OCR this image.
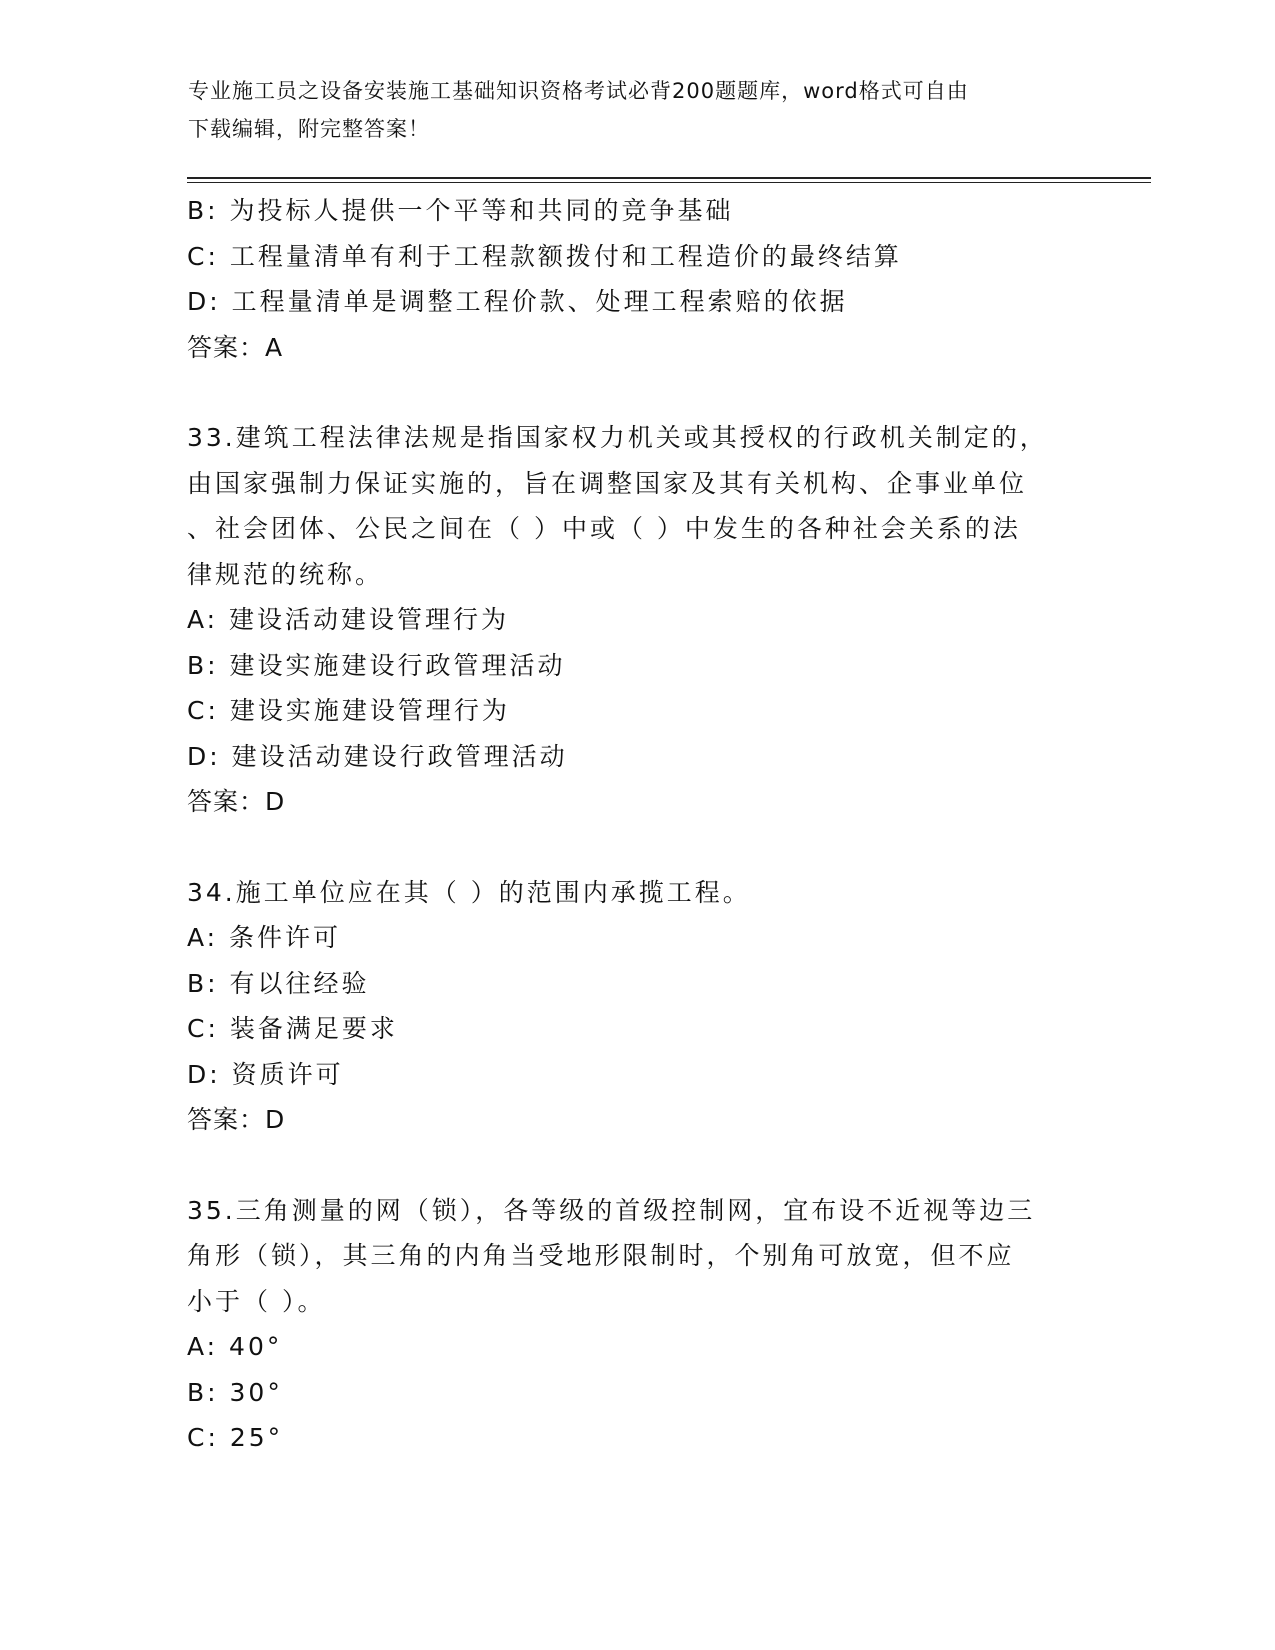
专业施工员之设备安装施工基础知识资格考试必背200题题库，word格式可自由
下载编辑，附完整答案！
B: 为投标人提供一个平等和共同的竞争基础
C: 工程量清单有利于工程款额拨付和工程造价的最终结算
D: 工程量清单是调整工程价款、处理工程索赔的依据
答案：A
33.建筑工程法律法规是指国家权力机关或其授权的行政机关制定的，
由国家强制力保证实施的，旨在调整国家及其有关机构、企事业单位
、社会团体、公民之间在（ ）中或（ ）中发生的各种社会关系的法
律规范的统称。
A: 建设活动建设管理行为
B: 建设实施建设行政管理活动
C: 建设实施建设管理行为
D: 建设活动建设行政管理活动
答案：D
34.施工单位应在其（ ）的范围内承揽工程。
A: 条件许可
B: 有以往经验
C: 装备满足要求
D: 资质许可
答案：D
35.三角测量的网（锁），各等级的首级控制网，宜布设不近视等边三
角形（锁），其三角的内角当受地形限制时，个别角可放宽，但不应
小于（ ）。
A: 40°
B: 30°
C: 25°
